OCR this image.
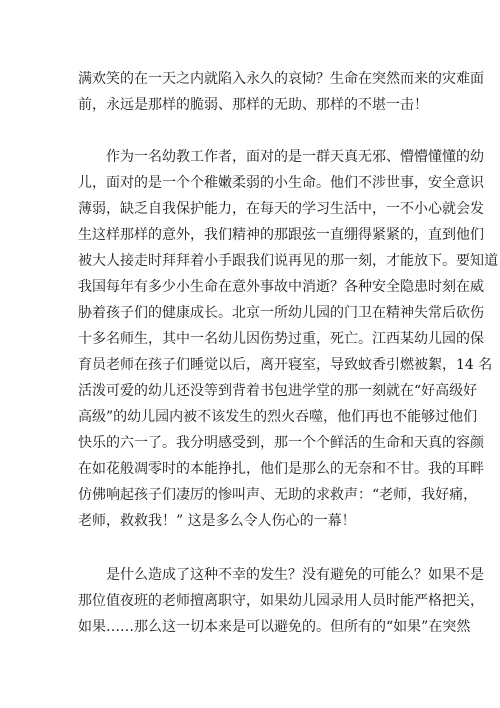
满欢笑的在一天之内就陷入永久的哀恸？生命在突然而来的灾难面
前，永远是那样的脆弱、那样的无助、那样的不堪一击！
作为一名幼教工作者，面对的是一群天真无邪、懵懵懂懂的幼
儿，面对的是一个个稚嫩柔弱的小生命。他们不涉世事，安全意识
薄弱，缺乏自我保护能力，在每天的学习生活中，一不小心就会发
生这样那样的意外，我们精神的那跟弦一直绷得紧紧的，直到他们
被大人接走时拜拜着小手跟我们说再见的那一刻，才能放下。要知道
我国每年有多少小生命在意外事故中消逝？各种安全隐患时刻在威
胁着孩子们的健康成长。北京一所幼儿园的门卫在精神失常后砍伤
十多名师生，其中一名幼儿因伤势过重，死亡。江西某幼儿园的保
育员老师在孩子们睡觉以后，离开寝室，导致蚊香引燃被絮，14 名
活泼可爱的幼儿还没等到背着书包进学堂的那一刻就在“好高级好
高级”的幼儿园内被不该发生的烈火吞噬，他们再也不能够过他们
快乐的六一了。我分明感受到，那一个个鲜活的生命和天真的容颜
在如花般凋零时的本能挣扎，他们是那么的无奈和不甘。我的耳畔
仿佛响起孩子们凄厉的惨叫声、无助的求救声：“老师，我好痛，
老师，救救我！” 这是多么令人伤心的一幕！
是什么造成了这种不幸的发生？没有避免的可能么？如果不是
那位值夜班的老师擅离职守，如果幼儿园录用人员时能严格把关，
如果……那么这一切本来是可以避免的。但所有的“如果”在突然
